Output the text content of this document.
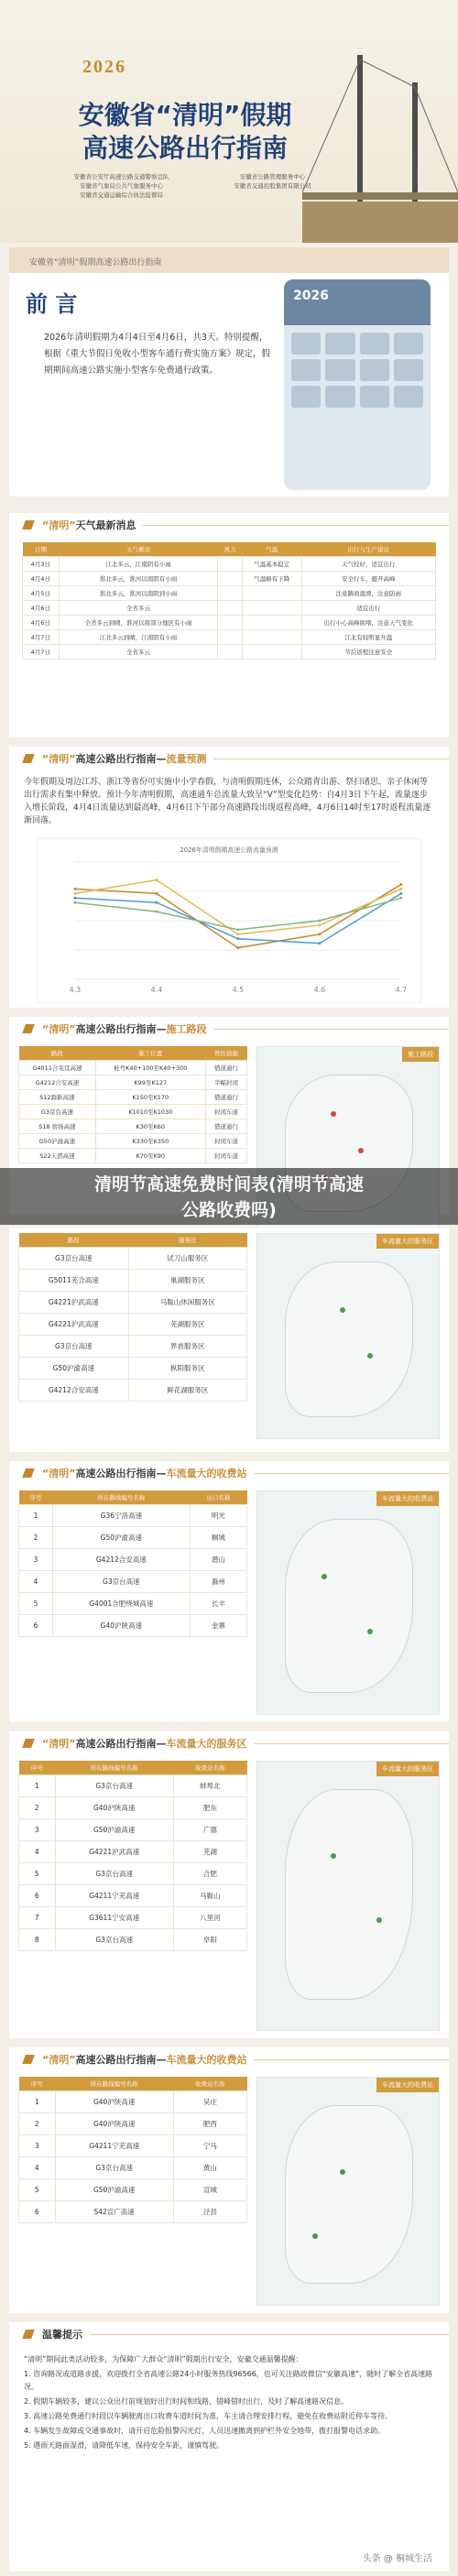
2026
安徽省“清明”假期
高速公路出行指南
安徽省公安厅高速公路交通警察总队
安徽省气象局公共气象服务中心
安徽省交通运输综合执法监督局
安徽省公路管理服务中心
安徽省交通控股集团有限公司
安徽省“清明”假期高速公路出行指南
前 言
2026年清明假期为4月4日至4月6日，共3天。特别提醒，根据《重大节假日免收小型客车通行费实施方案》规定，假期期间高速公路实施小型客车免费通行政策。
2026
“清明” 天气最新消息
日期	天气概况	风力	气温	出行与生产建议
4月3日	江北多云，江南阴有小雨		气温基本稳定	天气较好，适宜出行
4月4日	淮北多云，淮河以南阴有小雨		气温略有下降	安全行车，避开高峰
4月5日	淮北多云，淮河以南阴到小雨			注意路面湿滑，注意防雨
4月6日	全省多云			适宜出行
4月6日	全省多云到晴，淮河以南部分地区有小雨			出行小心高峰拥堵，注意天气变化
4月7日	江北多云到晴，江南阴有小雨			江北有较明显升温
4月7日	全省多云			节后返程注意安全
“清明” 高速公路出行指南 — 流量预测
今年假期及周边江苏、浙江等省份可实施中小学春假，与清明假期连休，公众踏青出游、祭扫诸思、亲子休闲等出行需求有集中释放。预计今年清明假期，高速通车总流量大致呈“V”型变化趋势：自4月3日下午起，流量逐步入增长阶段，4月4日流量达到最高峰，4月6日下午部分高速路段出现返程高峰，4月6日14时至17时返程流量逐渐回落。
2026年清明假期高速公路流量预测
4.3	4.4	4.5	4.6	4.7
“清明” 高速公路出行指南 — 施工路段
路段	施工位置	管控措施
G4011合芜宣高速	桩号K40+100至K40+300	借道通行
G4212合安高速	K99至K127	半幅封闭
S12滁新高速	K150至K170	借道通行
G3京台高速	K1010至K1030	封闭车道
S18 宿扬高速	K30至K60	借道通行
G50沪渝高速	K330至K350	封闭车道
S22天潜高速	K70至K90	封闭车道
施工路段
清明节高速免费时间表(清明节高速
公路收费吗)
路段	服务区
G3京台高速	试刀山服务区
G5011芜合高速	巢湖服务区
G4221沪武高速	马鞍山休闲服务区
G4221沪武高速	芜湖服务区
G3京台高速	界首服务区
G50沪渝高速	枞阳服务区
G4212合安高速	鲜花湖服务区
车流量大的服务区
“清明” 高速公路出行指南 — 车流量大的收费站
序号	所在路线编号名称	出口名称
1	G36宁洛高速	明光
2	G50沪渝高速	桐城
3	G4212合安高速	潜山
4	G3京台高速	滁州
5	G4001合肥绕城高速	长丰
6	G40沪陕高速	金寨
车流量大的收费站
“清明” 高速公路出行指南 — 车流量大的服务区
序号	所在路线编号名称	收费站名称
1	G3京台高速	蚌埠北
2	G40沪陕高速	肥东
3	G50沪渝高速	广德
4	G4221沪武高速	芜湖
5	G3京台高速	合肥
6	G4211宁芜高速	马鞍山
7	G3611宁安高速	八里河
8	G3京台高速	阜阳
车流量大的服务区
“清明” 高速公路出行指南 — 车流量大的收费站
序号	所在路线编号名称	收费站名称
1	G40沪陕高速	吴庄
2	G40沪陕高速	肥西
3	G4211宁芜高速	宁马
4	G3京台高速	黄山
5	G50沪渝高速	宣城
6	S42宣广高速	泾县
车流量大的收费站
温馨提示

“清明”期间此类活动较多，为保障广大群众“清明”假期出行安全，安徽交通温馨提醒：

1. 咨询路况或道路求援，欢迎拨打全省高速公路24小时服务热线96566，也可关注路政微信“安徽高速”，随时了解全省高速路况。

2. 假期车辆较多，建议公众出行前规划好出行时间和线路，错峰错时出行，及时了解高速路况信息。

3. 高速公路免费通行时段以车辆驶离出口收费车道时间为准，车主请合理安排行程，避免在收费站附近停车等待。

4. 车辆发生故障或交通事故时，请开启危险报警闪光灯，人员迅速撤离到护栏外安全地带，拨打报警电话求助。

5. 遇雨天路面湿滑，请降低车速，保持安全车距，谨慎驾驶。

头条 @ 桐城生活
